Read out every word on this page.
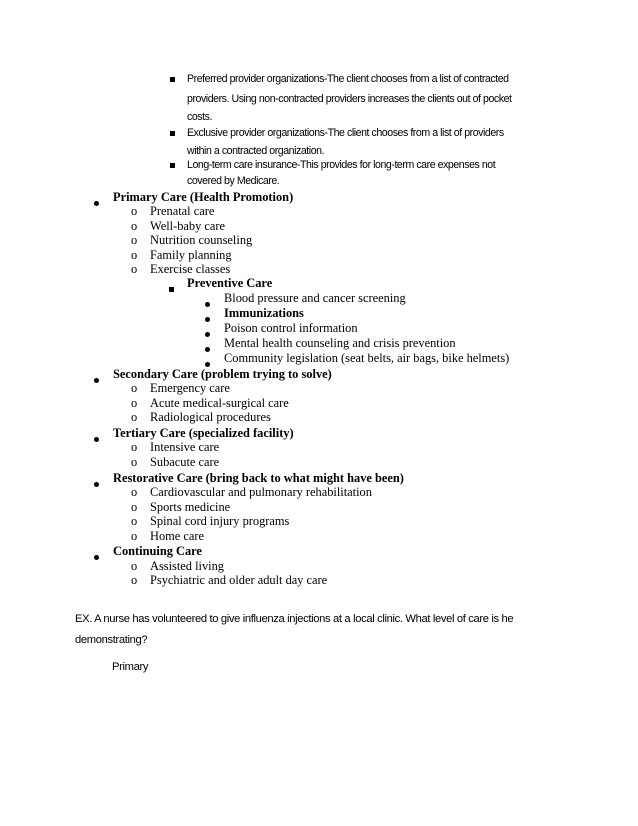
Preferred provider organizations-The client chooses from a list of contracted
providers. Using non-contracted providers increases the clients out of pocket
costs.
Exclusive provider organizations-The client chooses from a list of providers
within a contracted organization.
Long-term care insurance-This provides for long-term care expenses not
covered by Medicare.
Primary Care (Health Promotion)
o Prenatal care
o Well-baby care
o Nutrition counseling
o Family planning
o Exercise classes
Preventive Care
Blood pressure and cancer screening
Immunizations
Poison control information
Mental health counseling and crisis prevention
Community legislation (seat belts, air bags, bike helmets)
Secondary Care (problem trying to solve)
o Emergency care
o Acute medical-surgical care
o Radiological procedures
Tertiary Care (specialized facility)
o Intensive care
o Subacute care
Restorative Care (bring back to what might have been)
o Cardiovascular and pulmonary rehabilitation
o Sports medicine
o Spinal cord injury programs
o Home care
Continuing Care
o Assisted living
o Psychiatric and older adult day care
EX. A nurse has volunteered to give influenza injections at a local clinic. What level of care is he
demonstrating?
Primary
